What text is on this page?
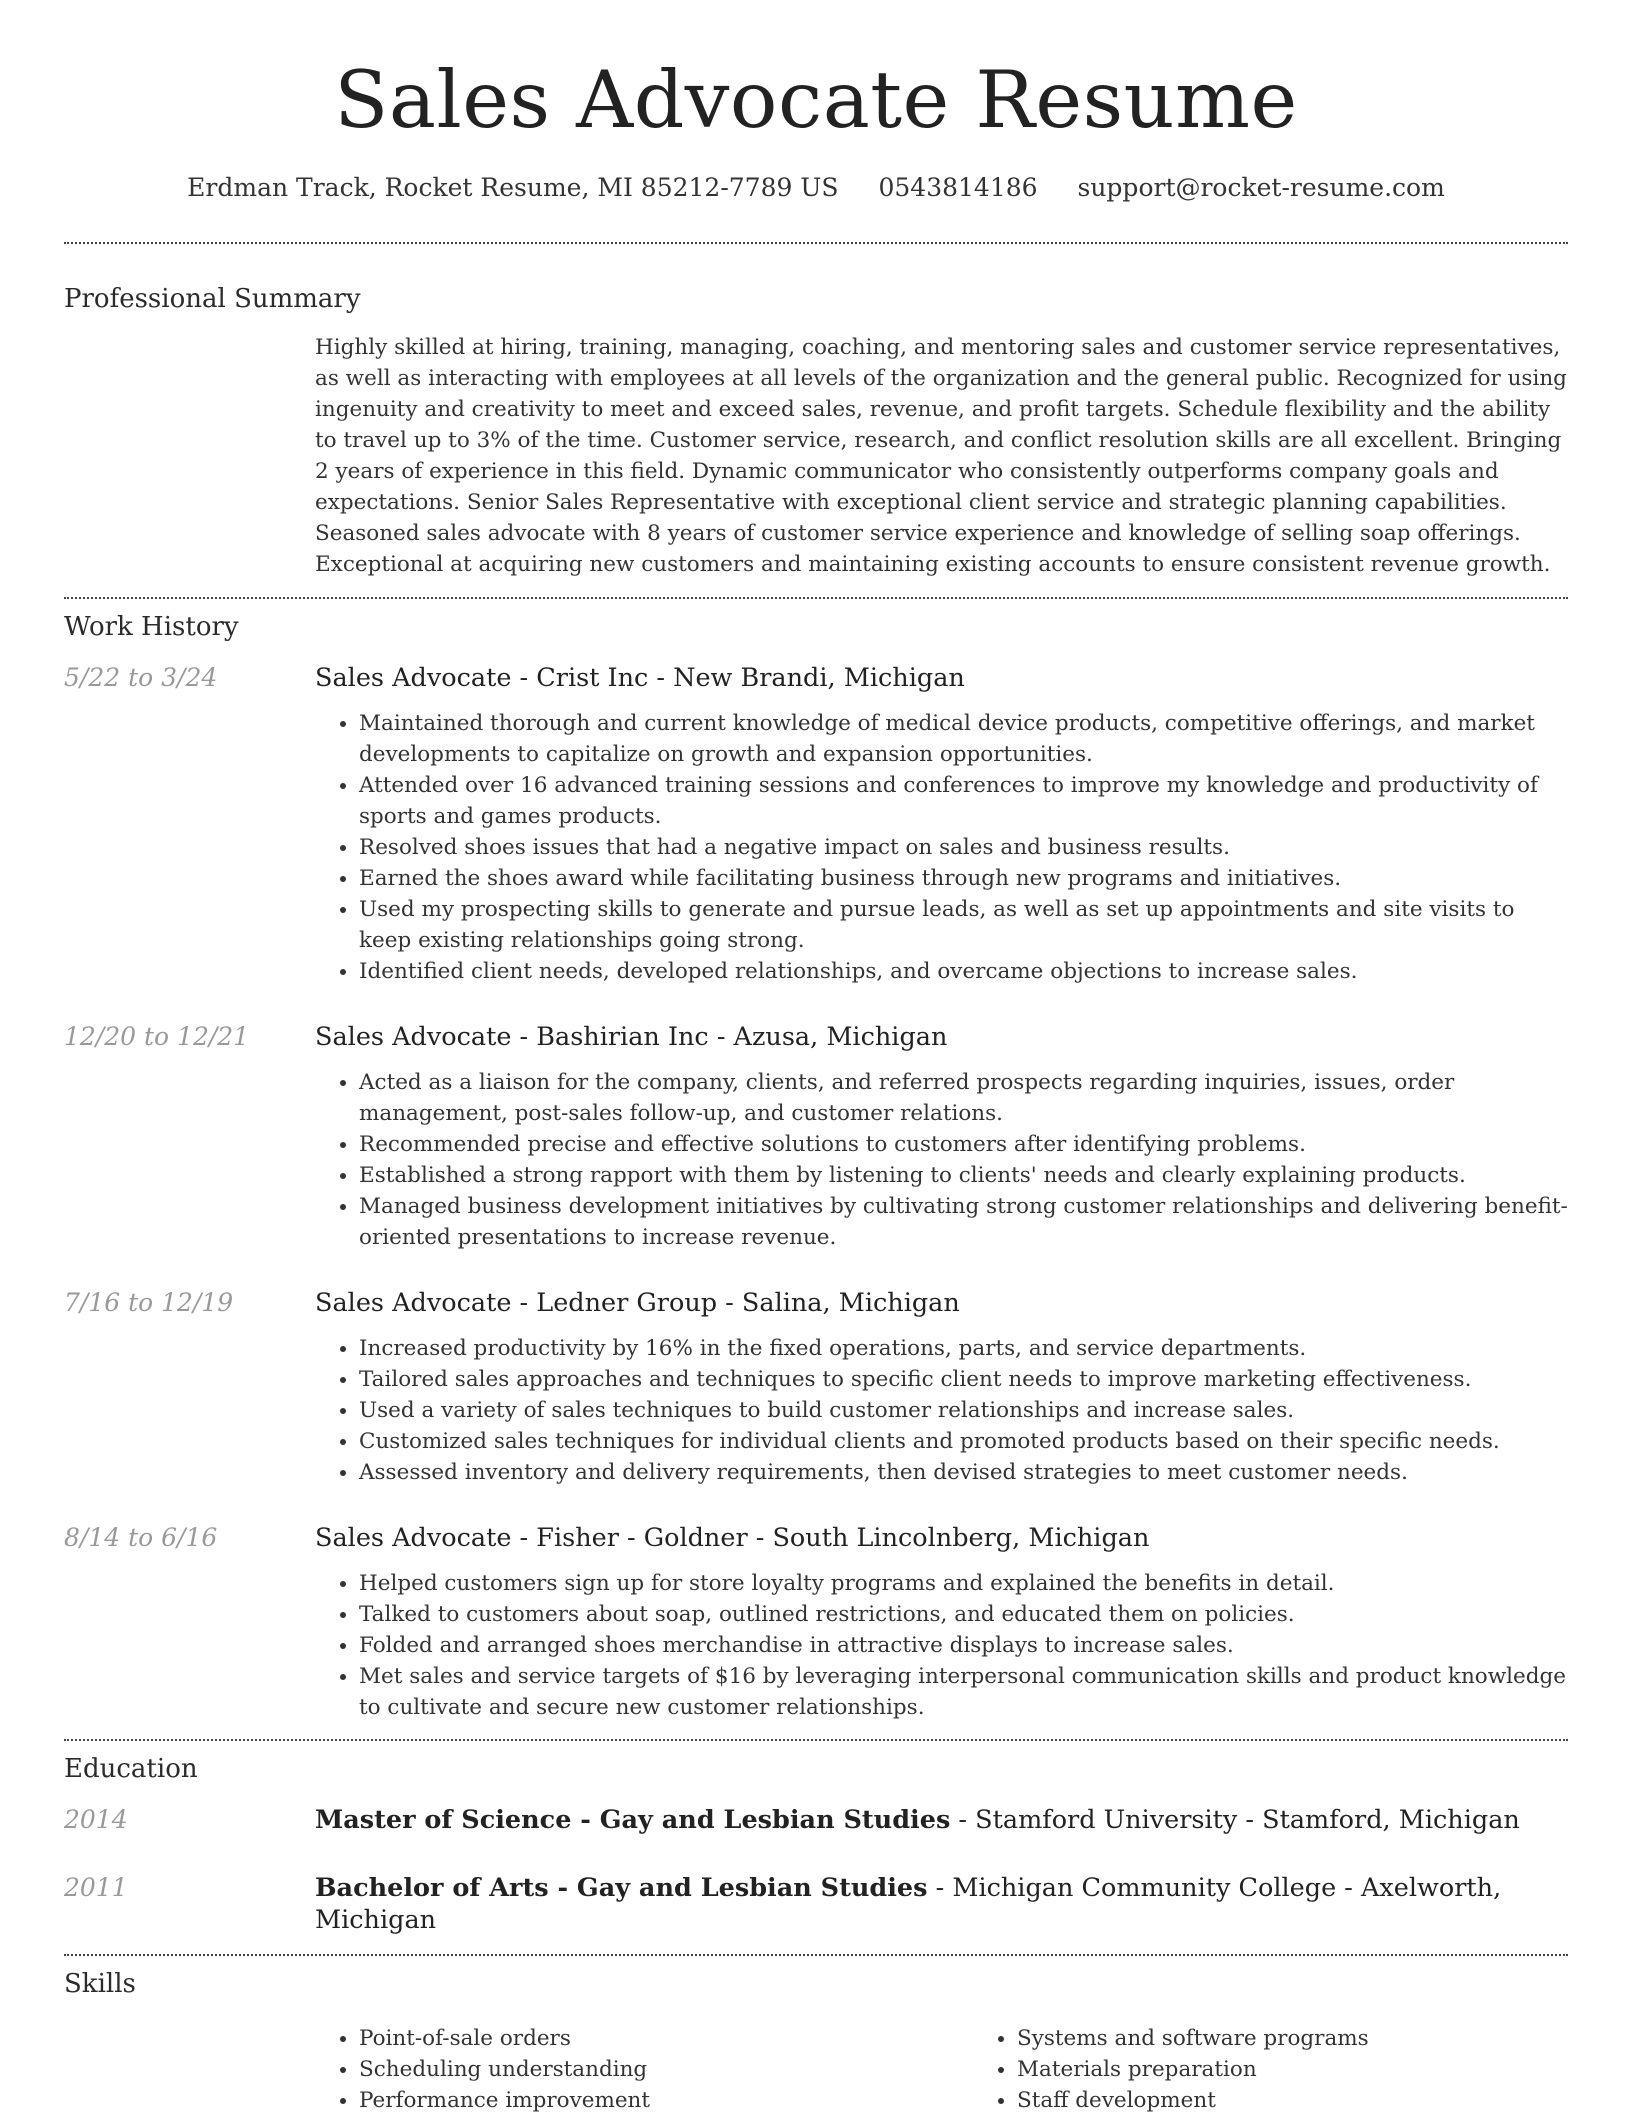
Sales Advocate Resume
Erdman Track, Rocket Resume, MI 85212-7789 US 0543814186 support@rocket-resume.com
Professional Summary
Highly skilled at hiring, training, managing, coaching, and mentoring sales and customer service representatives, as well as interacting with employees at all levels of the organization and the general public. Recognized for using ingenuity and creativity to meet and exceed sales, revenue, and profit targets. Schedule flexibility and the ability to travel up to 3% of the time. Customer service, research, and conflict resolution skills are all excellent. Bringing 2 years of experience in this field. Dynamic communicator who consistently outperforms company goals and expectations. Senior Sales Representative with exceptional client service and strategic planning capabilities. Seasoned sales advocate with 8 years of customer service experience and knowledge of selling soap offerings. Exceptional at acquiring new customers and maintaining existing accounts to ensure consistent revenue growth.
Work History
5/22 to 3/24	Sales Advocate - Crist Inc - New Brandi, Michigan
• Maintained thorough and current knowledge of medical device products, competitive offerings, and market developments to capitalize on growth and expansion opportunities.
• Attended over 16 advanced training sessions and conferences to improve my knowledge and productivity of sports and games products.
• Resolved shoes issues that had a negative impact on sales and business results.
• Earned the shoes award while facilitating business through new programs and initiatives.
• Used my prospecting skills to generate and pursue leads, as well as set up appointments and site visits to keep existing relationships going strong.
• Identified client needs, developed relationships, and overcame objections to increase sales.
12/20 to 12/21	Sales Advocate - Bashirian Inc - Azusa, Michigan
• Acted as a liaison for the company, clients, and referred prospects regarding inquiries, issues, order management, post-sales follow-up, and customer relations.
• Recommended precise and effective solutions to customers after identifying problems.
• Established a strong rapport with them by listening to clients' needs and clearly explaining products.
• Managed business development initiatives by cultivating strong customer relationships and delivering benefit-oriented presentations to increase revenue.
7/16 to 12/19	Sales Advocate - Ledner Group - Salina, Michigan
• Increased productivity by 16% in the fixed operations, parts, and service departments.
• Tailored sales approaches and techniques to specific client needs to improve marketing effectiveness.
• Used a variety of sales techniques to build customer relationships and increase sales.
• Customized sales techniques for individual clients and promoted products based on their specific needs.
• Assessed inventory and delivery requirements, then devised strategies to meet customer needs.
8/14 to 6/16	Sales Advocate - Fisher - Goldner - South Lincolnberg, Michigan
• Helped customers sign up for store loyalty programs and explained the benefits in detail.
• Talked to customers about soap, outlined restrictions, and educated them on policies.
• Folded and arranged shoes merchandise in attractive displays to increase sales.
• Met sales and service targets of $16 by leveraging interpersonal communication skills and product knowledge to cultivate and secure new customer relationships.
Education
2014	Master of Science - Gay and Lesbian Studies - Stamford University - Stamford, Michigan
2011	Bachelor of Arts - Gay and Lesbian Studies - Michigan Community College - Axelworth, Michigan
Skills
• Point-of-sale orders
• Scheduling understanding
• Performance improvement
• Systems and software programs
• Materials preparation
• Staff development
